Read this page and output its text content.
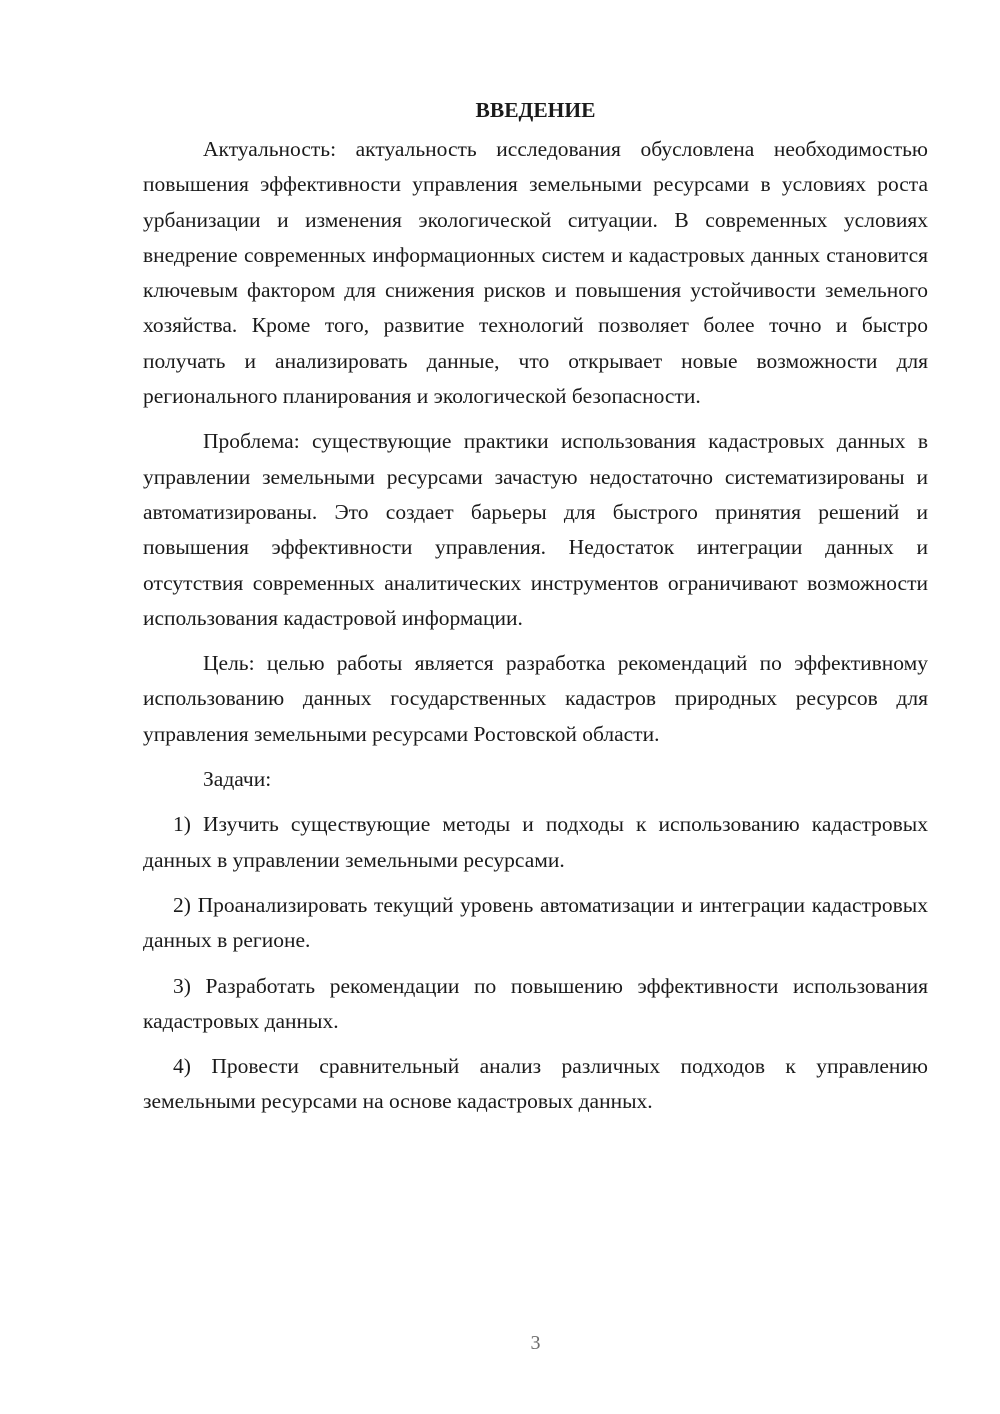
ВВЕДЕНИЕ

Актуальность: актуальность исследования обусловлена необходимостью повышения эффективности управления земельными ресурсами в условиях роста урбанизации и изменения экологической ситуации. В современных условиях внедрение современных информационных систем и кадастровых данных становится ключевым фактором для снижения рисков и повышения устойчивости земельного хозяйства. Кроме того, развитие технологий позволяет более точно и быстро получать и анализировать данные, что открывает новые возможности для регионального планирования и экологической безопасности.

Проблема: существующие практики использования кадастровых данных в управлении земельными ресурсами зачастую недостаточно систематизированы и автоматизированы. Это создает барьеры для быстрого принятия решений и повышения эффективности управления. Недостаток интеграции данных и отсутствия современных аналитических инструментов ограничивают возможности использования кадастровой информации.

Цель: целью работы является разработка рекомендаций по эффективному использованию данных государственных кадастров природных ресурсов для управления земельными ресурсами Ростовской области.

Задачи:

1) Изучить существующие методы и подходы к использованию кадастровых данных в управлении земельными ресурсами.

2) Проанализировать текущий уровень автоматизации и интеграции кадастровых данных в регионе.

3) Разработать рекомендации по повышению эффективности использования кадастровых данных.

4) Провести сравнительный анализ различных подходов к управлению земельными ресурсами на основе кадастровых данных.

3
